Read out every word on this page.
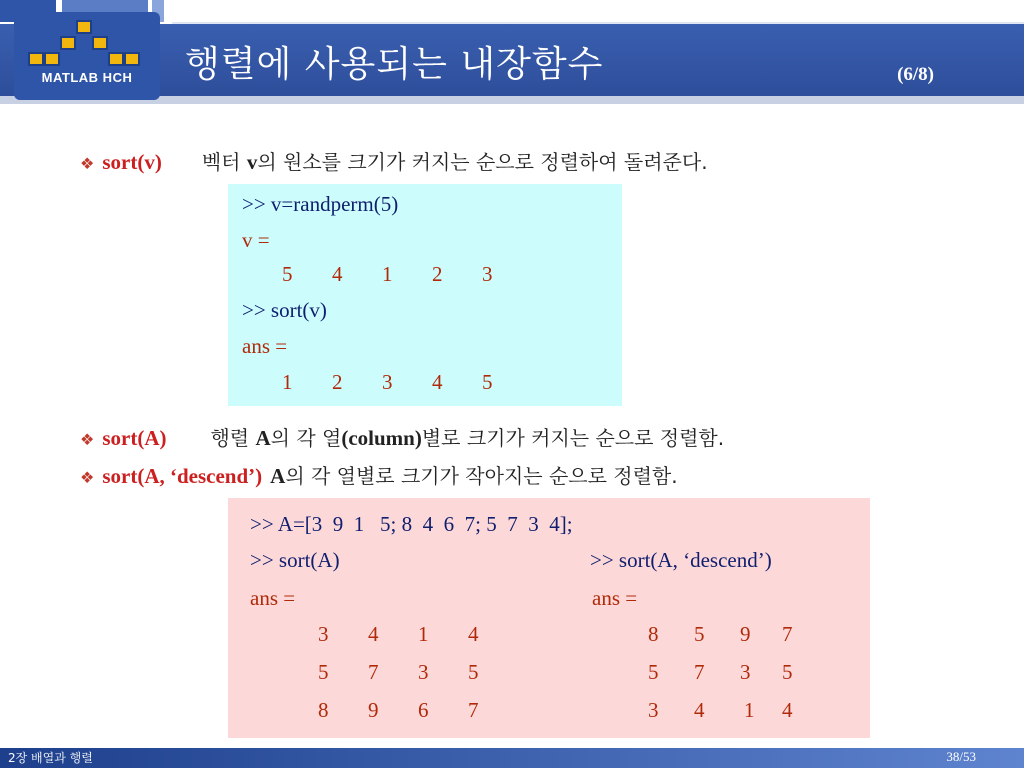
MATLAB HCH	행렬에 사용되는 내장함수	(6/8)
❖ sort(v) 벡터 v의 원소를 크기가 커지는 순으로 정렬하여 돌려준다.
>> v=randperm(5)
v =
5 4 1 2 3
>> sort(v)
ans =
1 2 3 4 5
❖ sort(A) 행렬 A의 각 열(column)별로 크기가 커지는 순으로 정렬함.
❖ sort(A, ‘descend’) A의 각 열별로 크기가 작아지는 순으로 정렬함.
>> A=[3  9  1   5; 8  4  6  7; 5  7  3  4];
>> sort(A)	>> sort(A, ‘descend’)
ans =	ans =
3 4 1 4
5 7 3 5
8 9 6 7
8 5 9 7
5 7 3 5
3 4 1 4
2장 배열과 행렬	38/53
